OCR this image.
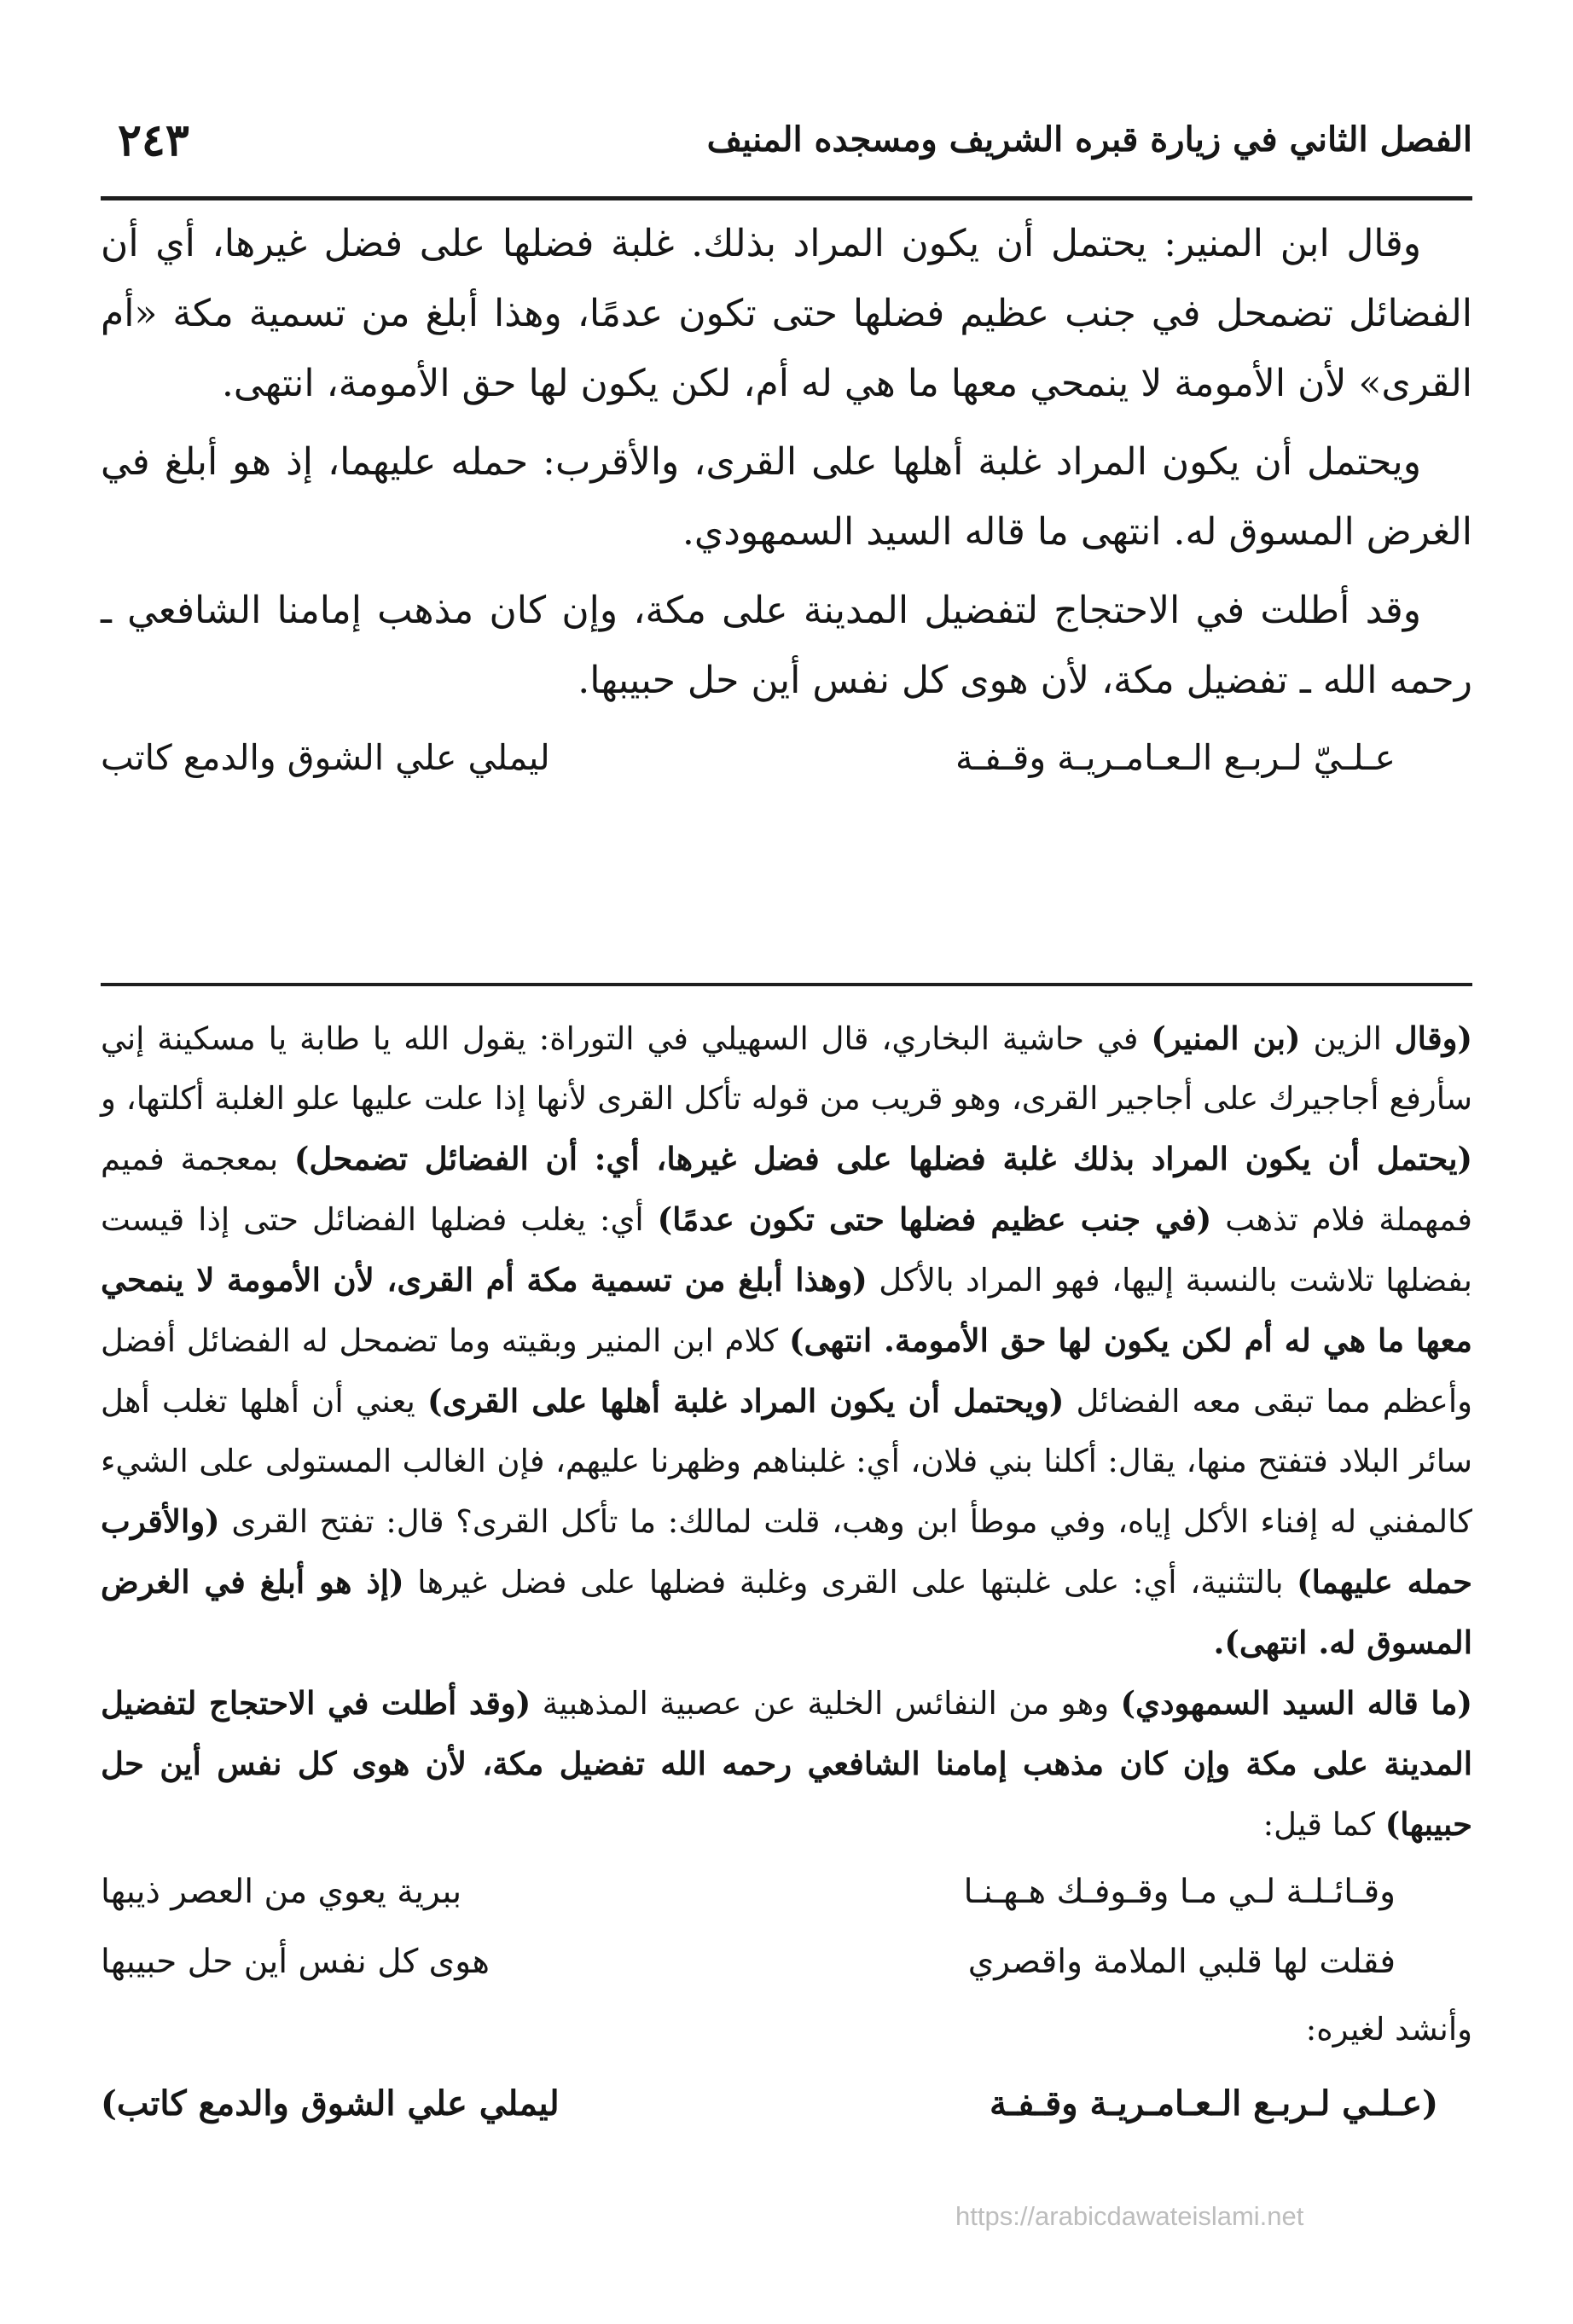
الفصل الثاني في زيارة قبره الشريف ومسجده المنيف
٢٤٣

وقال ابن المنير: يحتمل أن يكون المراد بذلك. غلبة فضلها على فضل غيرها، أي أن الفضائل تضمحل في جنب عظيم فضلها حتى تكون عدمًا، وهذا أبلغ من تسمية مكة «أم القرى» لأن الأمومة لا ينمحي معها ما هي له أم، لكن يكون لها حق الأمومة، انتهى.

ويحتمل أن يكون المراد غلبة أهلها على القرى، والأقرب: حمله عليهما، إذ هو أبلغ في الغرض المسوق له. انتهى ما قاله السيد السمهودي.

وقد أطلت في الاحتجاج لتفضيل المدينة على مكة، وإن كان مذهب إمامنا الشافعي ـ رحمه الله ـ تفضيل مكة، لأن هوى كل نفس أين حل حبيبها.

عـلـيّ لـربـع الـعـامـريـة وقـفـة
ليملي علي الشوق والدمع كاتب

(وقال الزين (بن المنير) في حاشية البخاري، قال السهيلي في التوراة: يقول الله يا طابة يا مسكينة إني سأرفع أجاجيرك على أجاجير القرى، وهو قريب من قوله تأكل القرى لأنها إذا علت عليها علو الغلبة أكلتها، و (يحتمل أن يكون المراد بذلك غلبة فضلها على فضل غيرها، أي: أن الفضائل تضمحل) بمعجمة فميم فمهملة فلام تذهب (في جنب عظيم فضلها حتى تكون عدمًا) أي: يغلب فضلها الفضائل حتى إذا قيست بفضلها تلاشت بالنسبة إليها، فهو المراد بالأكل (وهذا أبلغ من تسمية مكة أم القرى، لأن الأمومة لا ينمحي معها ما هي له أم لكن يكون لها حق الأمومة. انتهى) كلام ابن المنير وبقيته وما تضمحل له الفضائل أفضل وأعظم مما تبقى معه الفضائل (ويحتمل أن يكون المراد غلبة أهلها على القرى) يعني أن أهلها تغلب أهل سائر البلاد فتفتح منها، يقال: أكلنا بني فلان، أي: غلبناهم وظهرنا عليهم، فإن الغالب المستولى على الشيء كالمفني له إفناء الأكل إياه، وفي موطأ ابن وهب، قلت لمالك: ما تأكل القرى؟ قال: تفتح القرى (والأقرب حمله عليهما) بالتثنية، أي: على غلبتها على القرى وغلبة فضلها على فضل غيرها (إذ هو أبلغ في الغرض المسوق له. انتهى).

(ما قاله السيد السمهودي) وهو من النفائس الخلية عن عصبية المذهبية (وقد أطلت في الاحتجاج لتفضيل المدينة على مكة وإن كان مذهب إمامنا الشافعي رحمه الله تفضيل مكة، لأن هوى كل نفس أين حل حبيبها) كما قيل:

وقـائـلـة لـي مـا وقـوفـك هـهـنـا
ببرية يعوي من العصر ذيبها
فقلت لها قلبي الملامة واقصري
هوى كل نفس أين حل حبيبها

وأنشد لغيره:

(عـلـي لـربـع الـعـامـريـة وقـفـة
ليملي علي الشوق والدمع كاتب)
https://arabicdawateislami.net
